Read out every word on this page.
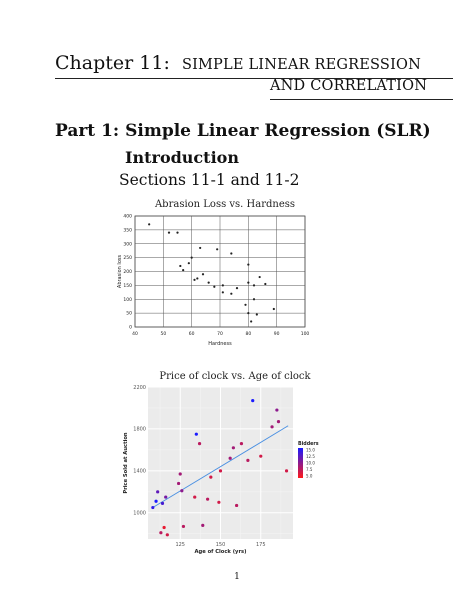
Chapter 11: SIMPLE LINEAR REGRESSION
AND CORRELATION
Part 1: Simple Linear Regression (SLR)
Introduction
Sections 11-1 and 11-2
Abrasion Loss vs. Hardness
40	50	60	70	80	90	100
0
50
100
150
200
250
300
350
400
Hardness
Abrasion loss
Price of clock vs. Age of clock
125	150	175
1000
1400
1800
2200
Age of Clock (yrs)
Price Sold at Auction	Bidders
15.0
12.5
10.0
7.5
5.0
1
